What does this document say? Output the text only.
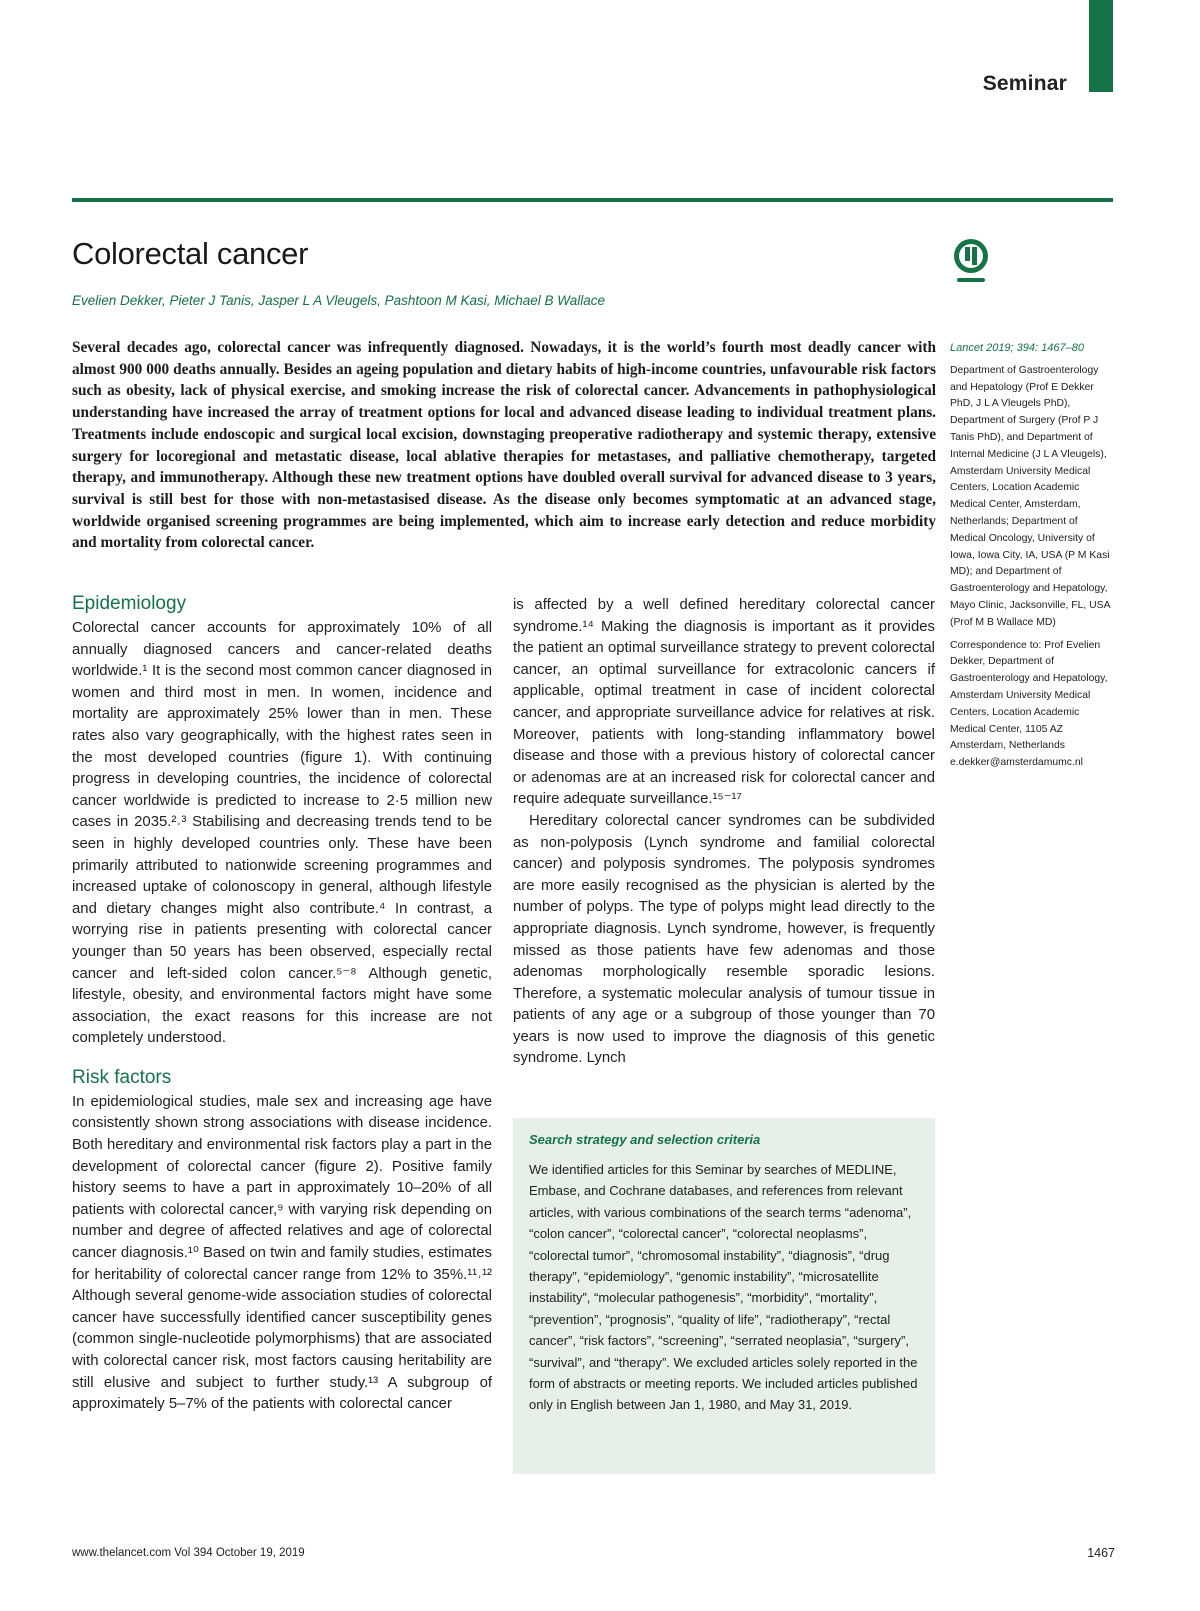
Seminar
Colorectal cancer
Evelien Dekker, Pieter J Tanis, Jasper L A Vleugels, Pashtoon M Kasi, Michael B Wallace
Several decades ago, colorectal cancer was infrequently diagnosed. Nowadays, it is the world’s fourth most deadly cancer with almost 900 000 deaths annually. Besides an ageing population and dietary habits of high-income countries, unfavourable risk factors such as obesity, lack of physical exercise, and smoking increase the risk of colorectal cancer. Advancements in pathophysiological understanding have increased the array of treatment options for local and advanced disease leading to individual treatment plans. Treatments include endoscopic and surgical local excision, downstaging preoperative radiotherapy and systemic therapy, extensive surgery for locoregional and metastatic disease, local ablative therapies for metastases, and palliative chemotherapy, targeted therapy, and immunotherapy. Although these new treatment options have doubled overall survival for advanced disease to 3 years, survival is still best for those with non-metastasised disease. As the disease only becomes symptomatic at an advanced stage, worldwide organised screening programmes are being implemented, which aim to increase early detection and reduce morbidity and mortality from colorectal cancer.
Lancet 2019; 394: 1467–80

Department of Gastroenterology and Hepatology (Prof E Dekker PhD, J L A Vleugels PhD), Department of Surgery (Prof P J Tanis PhD), and Department of Internal Medicine (J L A Vleugels), Amsterdam University Medical Centers, Location Academic Medical Center, Amsterdam, Netherlands; Department of Medical Oncology, University of Iowa, Iowa City, IA, USA (P M Kasi MD); and Department of Gastroenterology and Hepatology, Mayo Clinic, Jacksonville, FL, USA (Prof M B Wallace MD)

Correspondence to: Prof Evelien Dekker, Department of Gastroenterology and Hepatology, Amsterdam University Medical Centers, Location Academic Medical Center, 1105 AZ Amsterdam, Netherlands e.dekker@amsterdamumc.nl

Epidemiology

Colorectal cancer accounts for approximately 10% of all annually diagnosed cancers and cancer-related deaths worldwide.¹ It is the second most common cancer diagnosed in women and third most in men. In women, incidence and mortality are approximately 25% lower than in men. These rates also vary geographically, with the highest rates seen in the most developed countries (figure 1). With continuing progress in developing countries, the incidence of colorectal cancer worldwide is predicted to increase to 2·5 million new cases in 2035.²˒³ Stabilising and decreasing trends tend to be seen in highly developed countries only. These have been primarily attributed to nationwide screening programmes and increased uptake of colonoscopy in general, although lifestyle and dietary changes might also contribute.⁴ In contrast, a worrying rise in patients presenting with colorectal cancer younger than 50 years has been observed, especially rectal cancer and left-sided colon cancer.⁵⁻⁸ Although genetic, lifestyle, obesity, and environmental factors might have some association, the exact reasons for this increase are not completely understood.

Risk factors

In epidemiological studies, male sex and increasing age have consistently shown strong associations with disease incidence. Both hereditary and environmental risk factors play a part in the development of colorectal cancer (figure 2). Positive family history seems to have a part in approximately 10–20% of all patients with colorectal cancer,⁹ with varying risk depending on number and degree of affected relatives and age of colorectal cancer diagnosis.¹⁰ Based on twin and family studies, estimates for heritability of colorectal cancer range from 12% to 35%.¹¹˒¹² Although several genome-wide association studies of colorectal cancer have successfully identified cancer susceptibility genes (common single-nucleotide polymorphisms) that are associated with colorectal cancer risk, most factors causing heritability are still elusive and subject to further study.¹³ A subgroup of approximately 5–7% of the patients with colorectal cancer

is affected by a well defined hereditary colorectal cancer syndrome.¹⁴ Making the diagnosis is important as it provides the patient an optimal surveillance strategy to prevent colorectal cancer, an optimal surveillance for extracolonic cancers if applicable, optimal treatment in case of incident colorectal cancer, and appropriate surveillance advice for relatives at risk. Moreover, patients with long-standing inflammatory bowel disease and those with a previous history of colorectal cancer or adenomas are at an increased risk for colorectal cancer and require adequate surveillance.¹⁵⁻¹⁷

Hereditary colorectal cancer syndromes can be subdivided as non-polyposis (Lynch syndrome and familial colorectal cancer) and polyposis syndromes. The polyposis syndromes are more easily recognised as the physician is alerted by the number of polyps. The type of polyps might lead directly to the appropriate diagnosis. Lynch syndrome, however, is frequently missed as those patients have few adenomas and those adenomas morphologically resemble sporadic lesions. Therefore, a systematic molecular analysis of tumour tissue in patients of any age or a subgroup of those younger than 70 years is now used to improve the diagnosis of this genetic syndrome. Lynch

Search strategy and selection criteria

We identified articles for this Seminar by searches of MEDLINE, Embase, and Cochrane databases, and references from relevant articles, with various combinations of the search terms “adenoma”, “colon cancer”, “colorectal cancer”, “colorectal neoplasms”, “colorectal tumor”, “chromosomal instability”, “diagnosis”, “drug therapy”, “epidemiology”, “genomic instability”, “microsatellite instability”, “molecular pathogenesis”, “morbidity”, “mortality”, “prevention”, “prognosis”, “quality of life”, “radiotherapy”, “rectal cancer”, “risk factors”, “screening”, “serrated neoplasia”, “surgery”, “survival”, and “therapy”. We excluded articles solely reported in the form of abstracts or meeting reports. We included articles published only in English between Jan 1, 1980, and May 31, 2019.

www.thelancet.com Vol 394 October 19, 2019	1467
